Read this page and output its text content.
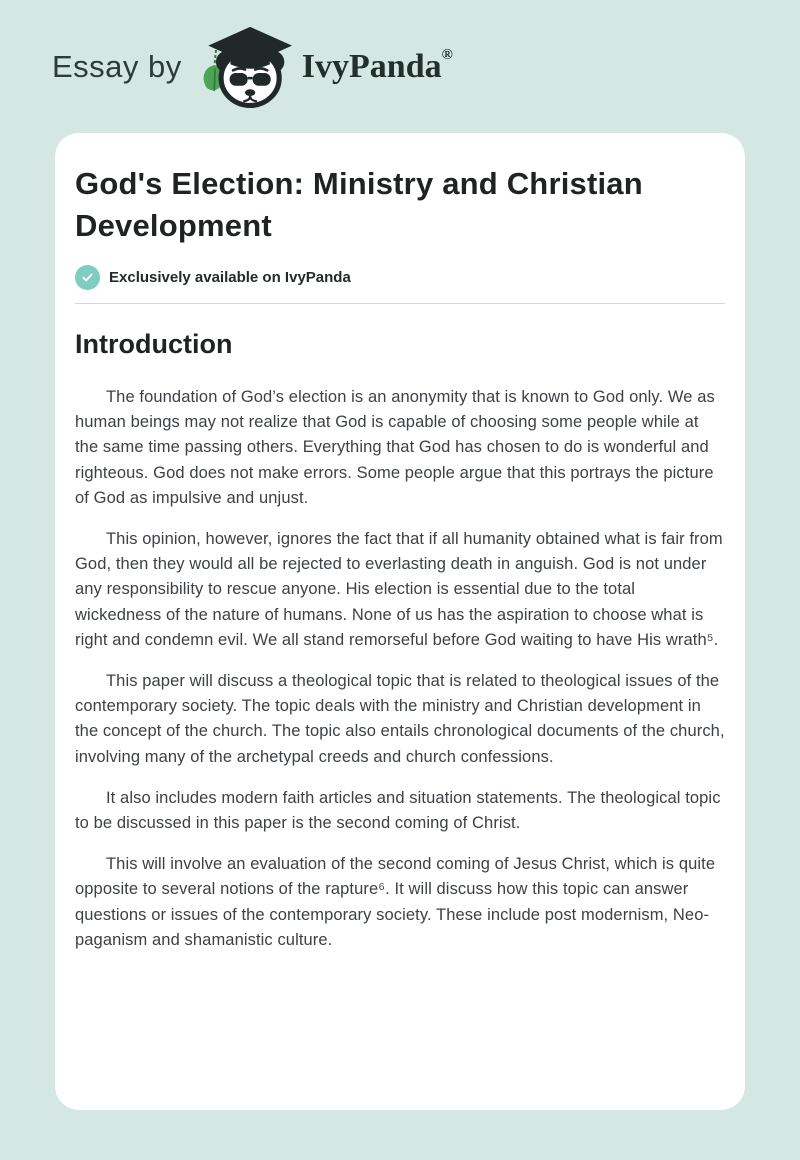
Essay by	IvyPanda®
God's Election: Ministry and Christian Development
Exclusively available on IvyPanda
Introduction

The foundation of God’s election is an anonymity that is known to God only. We as human beings may not realize that God is capable of choosing some people while at the same time passing others. Everything that God has chosen to do is wonderful and righteous. God does not make errors. Some people argue that this portrays the picture of God as impulsive and unjust.

This opinion, however, ignores the fact that if all humanity obtained what is fair from God, then they would all be rejected to everlasting death in anguish. God is not under any responsibility to rescue anyone. His election is essential due to the total wickedness of the nature of humans. None of us has the aspiration to choose what is right and condemn evil. We all stand remorseful before God waiting to have His wrath⁵.

This paper will discuss a theological topic that is related to theological issues of the contemporary society. The topic deals with the ministry and Christian development in the concept of the church. The topic also entails chronological documents of the church, involving many of the archetypal creeds and church confessions.

It also includes modern faith articles and situation statements. The theological topic to be discussed in this paper is the second coming of Christ.

This will involve an evaluation of the second coming of Jesus Christ, which is quite opposite to several notions of the rapture⁶. It will discuss how this topic can answer questions or issues of the contemporary society. These include post modernism, Neo-paganism and shamanistic culture.
